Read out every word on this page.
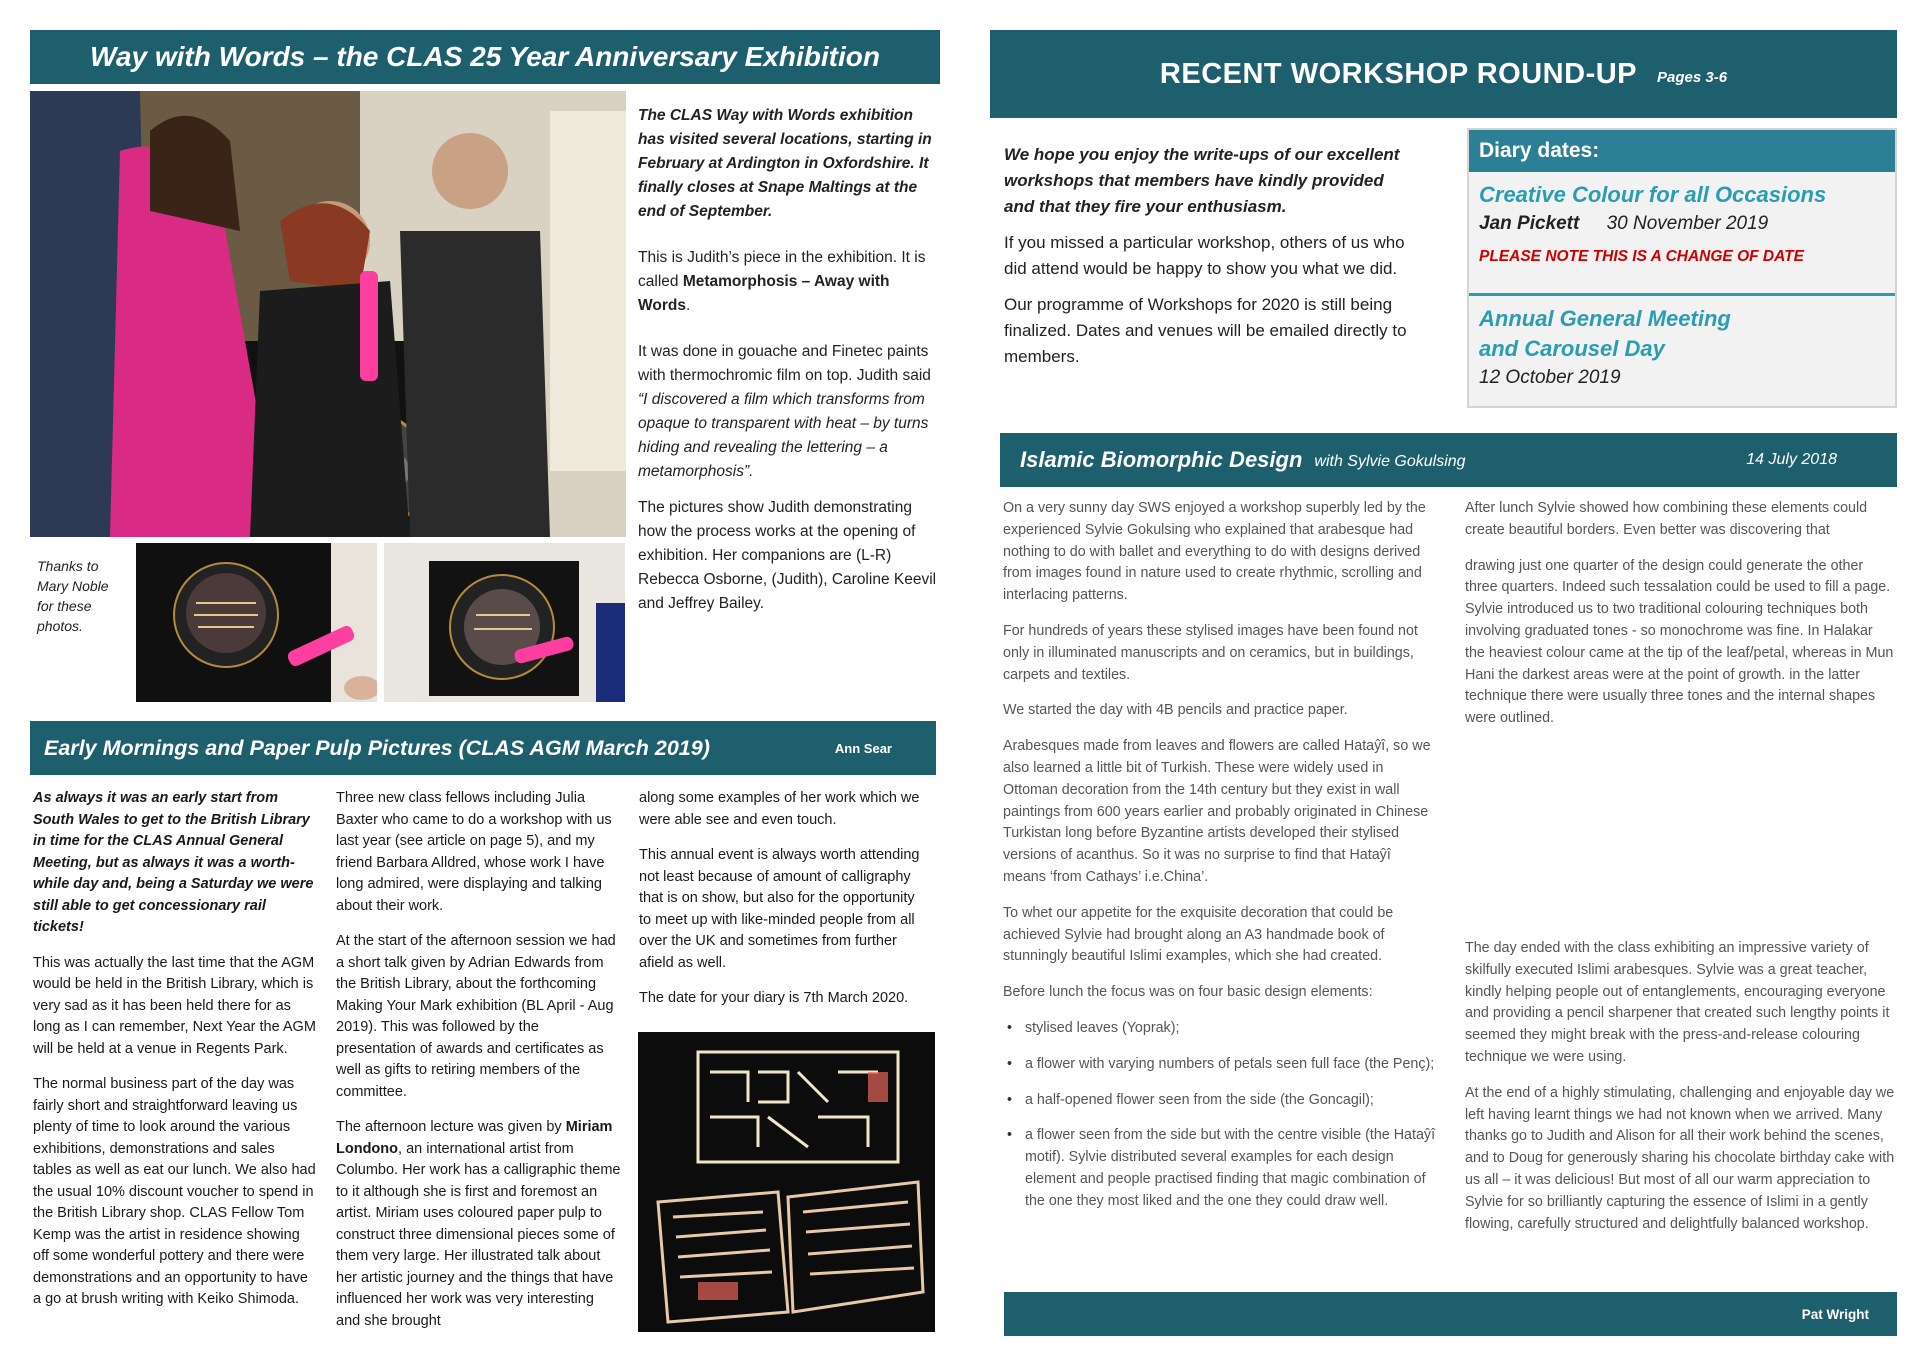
Way with Words – the CLAS 25 Year Anniversary Exhibition

The CLAS Way with Words exhibition has visited several locations, starting in February at Ardington in Oxfordshire. It finally closes at Snape Maltings at the end of September.

This is Judith’s piece in the exhibition. It is called Metamorphosis – Away with Words.

It was done in gouache and Finetec paints with thermochromic film on top. Judith said “I discovered a film which transforms from opaque to transparent with heat – by turns hiding and revealing the lettering – a metamorphosis”.

The pictures show Judith demonstrating how the process works at the opening of exhibition. Her companions are (L-R) Rebecca Osborne, (Judith), Caroline Keevil and Jeffrey Bailey.

Thanks to Mary Noble for these photos.
Early Mornings and Paper Pulp Pictures (CLAS AGM March 2019)	Ann Sear

As always it was an early start from South Wales to get to the British Library in time for the CLAS Annual General Meeting, but as always it was a worth-while day and, being a Saturday we were still able to get concessionary rail tickets!

This was actually the last time that the AGM would be held in the British Library, which is very sad as it has been held there for as long as I can remember, Next Year the AGM will be held at a venue in Regents Park.

The normal business part of the day was fairly short and straightforward leaving us plenty of time to look around the various exhibitions, demonstrations and sales tables as well as eat our lunch. We also had the usual 10% discount voucher to spend in the British Library shop. CLAS Fellow Tom Kemp was the artist in residence showing off some wonderful pottery and there were demonstrations and an opportunity to have a go at brush writing with Keiko Shimoda.

Three new class fellows including Julia Baxter who came to do a workshop with us last year (see article on page 5), and my friend Barbara Alldred, whose work I have long admired, were displaying and talking about their work.

At the start of the afternoon session we had a short talk given by Adrian Edwards from the British Library, about the forthcoming Making Your Mark exhibition (BL April - Aug 2019). This was followed by the presentation of awards and certificates as well as gifts to retiring members of the committee.

The afternoon lecture was given by Miriam Londono, an international artist from Columbo. Her work has a calligraphic theme to it although she is first and foremost an artist. Miriam uses coloured paper pulp to construct three dimensional pieces some of them very large. Her illustrated talk about her artistic journey and the things that have influenced her work was very interesting and she brought

along some examples of her work which we were able see and even touch.

This annual event is always worth attending not least because of amount of calligraphy that is on show, but also for the opportunity to meet up with like-minded people from all over the UK and sometimes from further afield as well.

The date for your diary is 7th March 2020.

RECENT WORKSHOP ROUND-UP Pages 3-6

We hope you enjoy the write-ups of our excellent workshops that members have kindly provided and that they fire your enthusiasm.

If you missed a particular workshop, others of us who did attend would be happy to show you what we did.

Our programme of Workshops for 2020 is still being finalized. Dates and venues will be emailed directly to members.

Diary dates:
Creative Colour for all Occasions
Jan Pickett 30 November 2019
PLEASE NOTE THIS IS A CHANGE OF DATE
Annual General Meeting
and Carousel Day
12 October 2019
Islamic Biomorphic Design with Sylvie Gokulsing	14 July 2018

On a very sunny day SWS enjoyed a workshop superbly led by the experienced Sylvie Gokulsing who explained that arabesque had nothing to do with ballet and everything to do with designs derived from images found in nature used to create rhythmic, scrolling and interlacing patterns.

For hundreds of years these stylised images have been found not only in illuminated manuscripts and on ceramics, but in buildings, carpets and textiles.

We started the day with 4B pencils and practice paper.

Arabesques made from leaves and flowers are called Hataŷî, so we also learned a little bit of Turkish. These were widely used in Ottoman decoration from the 14th century but they exist in wall paintings from 600 years earlier and probably originated in Chinese Turkistan long before Byzantine artists developed their stylised versions of acanthus. So it was no surprise to find that Hataŷî means ‘from Cathays’ i.e.China’.

To whet our appetite for the exquisite decoration that could be achieved Sylvie had brought along an A3 handmade book of stunningly beautiful Islimi examples, which she had created.

Before lunch the focus was on four basic design elements:

• stylised leaves (Yoprak);
• a flower with varying numbers of petals seen full face (the Penç);
• a half-opened flower seen from the side (the Goncagil);
• a flower seen from the side but with the centre visible (the Hataŷî motif). Sylvie distributed several examples for each design element and people practised finding that magic combination of the one they most liked and the one they could draw well.

After lunch Sylvie showed how combining these elements could create beautiful borders. Even better was discovering that

drawing just one quarter of the design could generate the other three quarters. Indeed such tessalation could be used to fill a page. Sylvie introduced us to two traditional colouring techniques both involving graduated tones - so monochrome was fine. In Halakar the heaviest colour came at the tip of the leaf/petal, whereas in Mun Hani the darkest areas were at the point of growth. in the latter technique there were usually three tones and the internal shapes were outlined.

The day ended with the class exhibiting an impressive variety of skilfully executed Islimi arabesques. Sylvie was a great teacher, kindly helping people out of entanglements, encouraging everyone and providing a pencil sharpener that created such lengthy points it seemed they might break with the press-and-release colouring technique we were using.

At the end of a highly stimulating, challenging and enjoyable day we left having learnt things we had not known when we arrived. Many thanks go to Judith and Alison for all their work behind the scenes, and to Doug for generously sharing his chocolate birthday cake with us all – it was delicious! But most of all our warm appreciation to Sylvie for so brilliantly capturing the essence of Islimi in a gently flowing, carefully structured and delightfully balanced workshop.

Pat Wright
